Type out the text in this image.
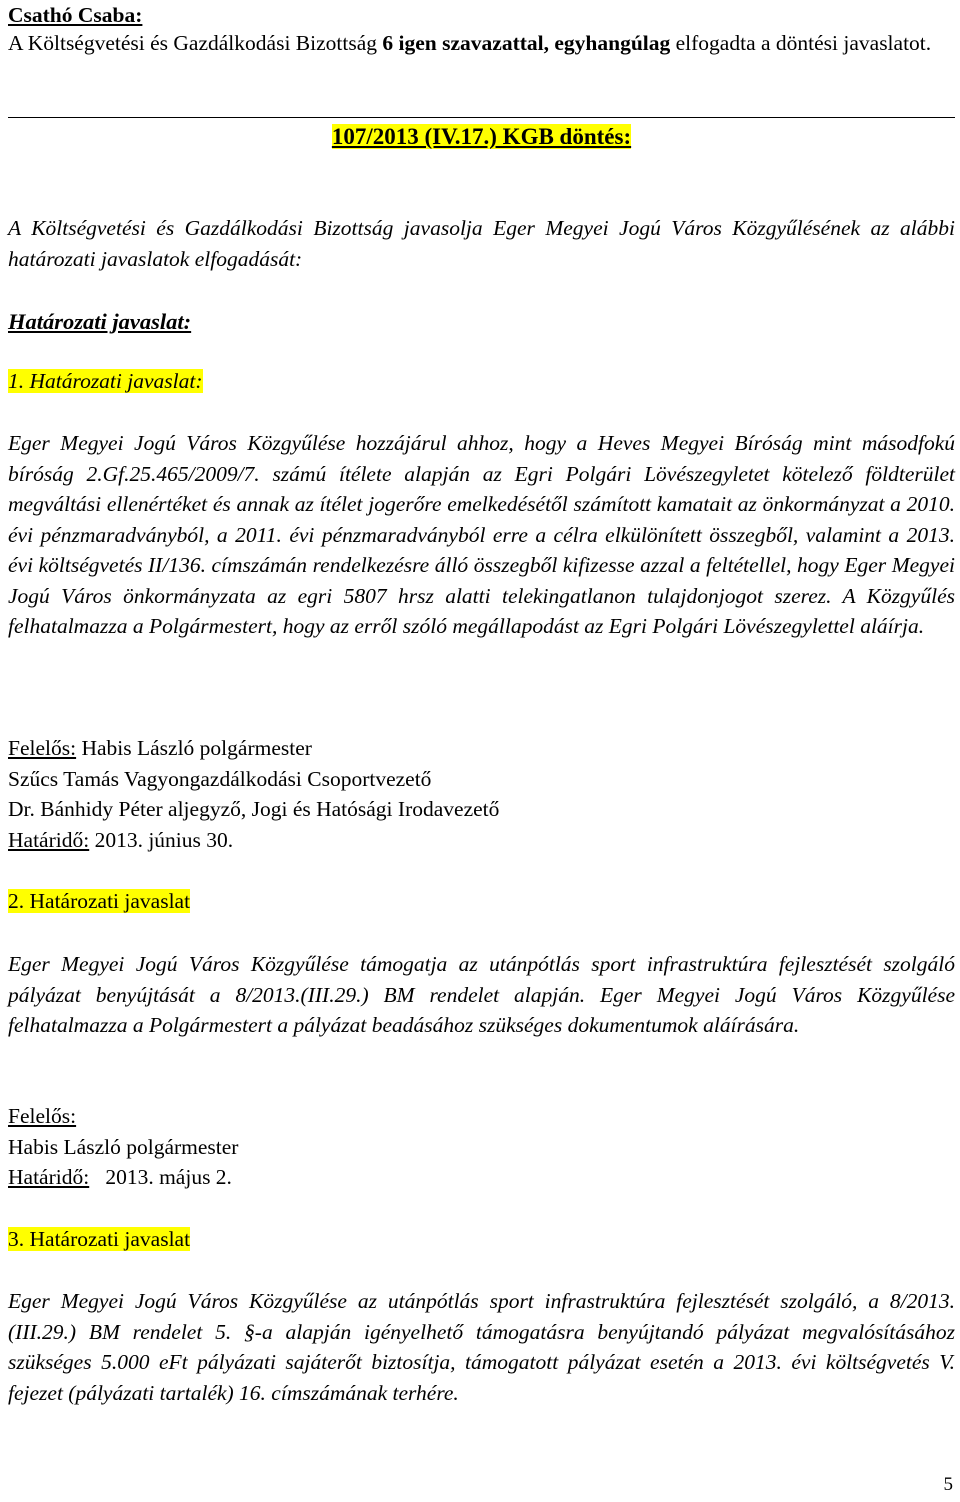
Csathó Csaba:
A Költségvetési és Gazdálkodási Bizottság 6 igen szavazattal, egyhangúlag elfogadta a döntési javaslatot.
107/2013 (IV.17.) KGB döntés:
A Költségvetési és Gazdálkodási Bizottság javasolja Eger Megyei Jogú Város Közgyűlésének az alábbi határozati javaslatok elfogadását:
Határozati javaslat:
1. Határozati javaslat:
Eger Megyei Jogú Város Közgyűlése hozzájárul ahhoz, hogy a Heves Megyei Bíróság mint másodfokú bíróság 2.Gf.25.465/2009/7. számú ítélete alapján az Egri Polgári Lövészegyletet kötelező földterület megváltási ellenértéket és annak az ítélet jogerőre emelkedésétől számított kamatait az önkormányzat a 2010. évi pénzmaradványból, a 2011. évi pénzmaradványból erre a célra elkülönített összegből, valamint a 2013. évi költségvetés II/136. címszámán rendelkezésre álló összegből kifizesse azzal a feltétellel, hogy Eger Megyei Jogú Város önkormányzata az egri 5807 hrsz alatti telekingatlanon tulajdonjogot szerez. A Közgyűlés felhatalmazza a Polgármestert, hogy az erről szóló megállapodást az Egri Polgári Lövészegylettel aláírja.
Felelős: Habis László polgármester
Szűcs Tamás Vagyongazdálkodási Csoportvezető
Dr. Bánhidy Péter aljegyző, Jogi és Hatósági Irodavezető
Határidő: 2013. június 30.
2. Határozati javaslat
Eger Megyei Jogú Város Közgyűlése támogatja az utánpótlás sport infrastruktúra fejlesztését szolgáló pályázat benyújtását a 8/2013.(III.29.) BM rendelet alapján. Eger Megyei Jogú Város Közgyűlése felhatalmazza a Polgármestert a pályázat beadásához szükséges dokumentumok aláírására.
Felelős:
Habis László polgármester
Határidő:   2013. május 2.
3. Határozati javaslat
Eger Megyei Jogú Város Közgyűlése az utánpótlás sport infrastruktúra fejlesztését szolgáló, a 8/2013.(III.29.) BM rendelet 5. §-a alapján igényelhető támogatásra benyújtandó pályázat megvalósításához szükséges 5.000 eFt pályázati sajáterőt biztosítja, támogatott pályázat esetén a 2013. évi költségvetés V. fejezet (pályázati tartalék) 16. címszámának terhére.
5
